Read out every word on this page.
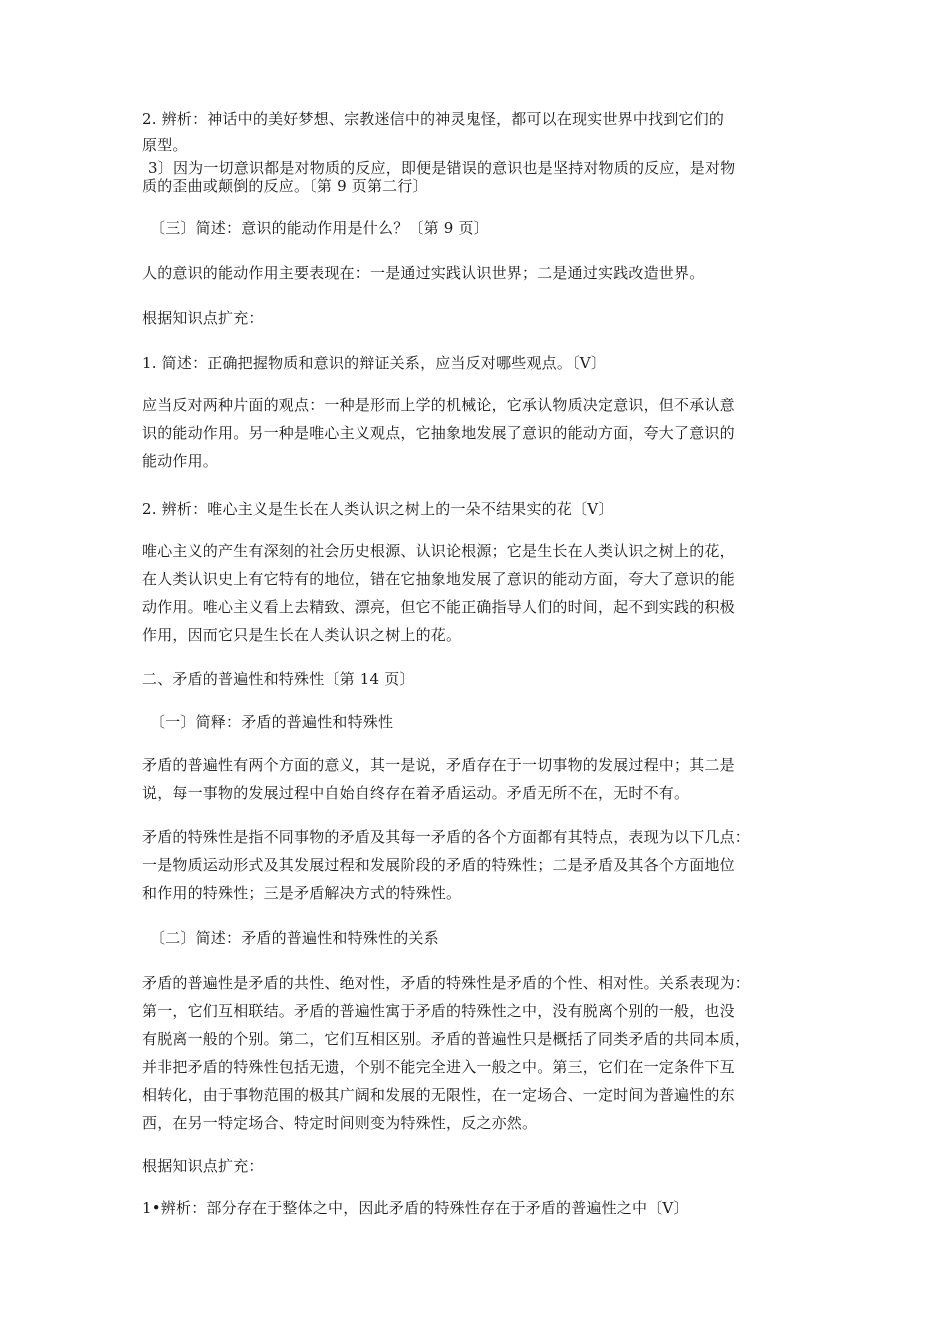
2. 辨析：神话中的美好梦想、宗教迷信中的神灵鬼怪，都可以在现实世界中找到它们的
原型。
3〕因为一切意识都是对物质的反应，即便是错误的意识也是坚持对物质的反应，是对物
质的歪曲或颠倒的反应。〔第 9 页第二行〕
〔三〕简述：意识的能动作用是什么？〔第 9 页〕
人的意识的能动作用主要表现在：一是通过实践认识世界；二是通过实践改造世界。
根据知识点扩充：
1. 简述：正确把握物质和意识的辩证关系，应当反对哪些观点。〔V〕
应当反对两种片面的观点：一种是形而上学的机械论，它承认物质决定意识，但不承认意
识的能动作用。另一种是唯心主义观点，它抽象地发展了意识的能动方面，夸大了意识的
能动作用。
2. 辨析：唯心主义是生长在人类认识之树上的一朵不结果实的花〔V〕
唯心主义的产生有深刻的社会历史根源、认识论根源；它是生长在人类认识之树上的花，
在人类认识史上有它特有的地位，错在它抽象地发展了意识的能动方面，夸大了意识的能
动作用。唯心主义看上去精致、漂亮，但它不能正确指导人们的时间，起不到实践的积极
作用，因而它只是生长在人类认识之树上的花。
二、矛盾的普遍性和特殊性〔第 14 页〕
〔一〕简释：矛盾的普遍性和特殊性
矛盾的普遍性有两个方面的意义，其一是说，矛盾存在于一切事物的发展过程中；其二是
说，每一事物的发展过程中自始自终存在着矛盾运动。矛盾无所不在，无时不有。
矛盾的特殊性是指不同事物的矛盾及其每一矛盾的各个方面都有其特点，表现为以下几点：
一是物质运动形式及其发展过程和发展阶段的矛盾的特殊性；二是矛盾及其各个方面地位
和作用的特殊性；三是矛盾解决方式的特殊性。
〔二〕简述：矛盾的普遍性和特殊性的关系
矛盾的普遍性是矛盾的共性、绝对性，矛盾的特殊性是矛盾的个性、相对性。关系表现为：
第一，它们互相联结。矛盾的普遍性寓于矛盾的特殊性之中，没有脱离个别的一般，也没
有脱离一般的个别。第二，它们互相区别。矛盾的普遍性只是概括了同类矛盾的共同本质，
并非把矛盾的特殊性包括无遗，个别不能完全进入一般之中。第三，它们在一定条件下互
相转化，由于事物范围的极其广阔和发展的无限性，在一定场合、一定时间为普遍性的东
西，在另一特定场合、特定时间则变为特殊性，反之亦然。
根据知识点扩充：
1•辨析：部分存在于整体之中，因此矛盾的特殊性存在于矛盾的普遍性之中〔V〕
